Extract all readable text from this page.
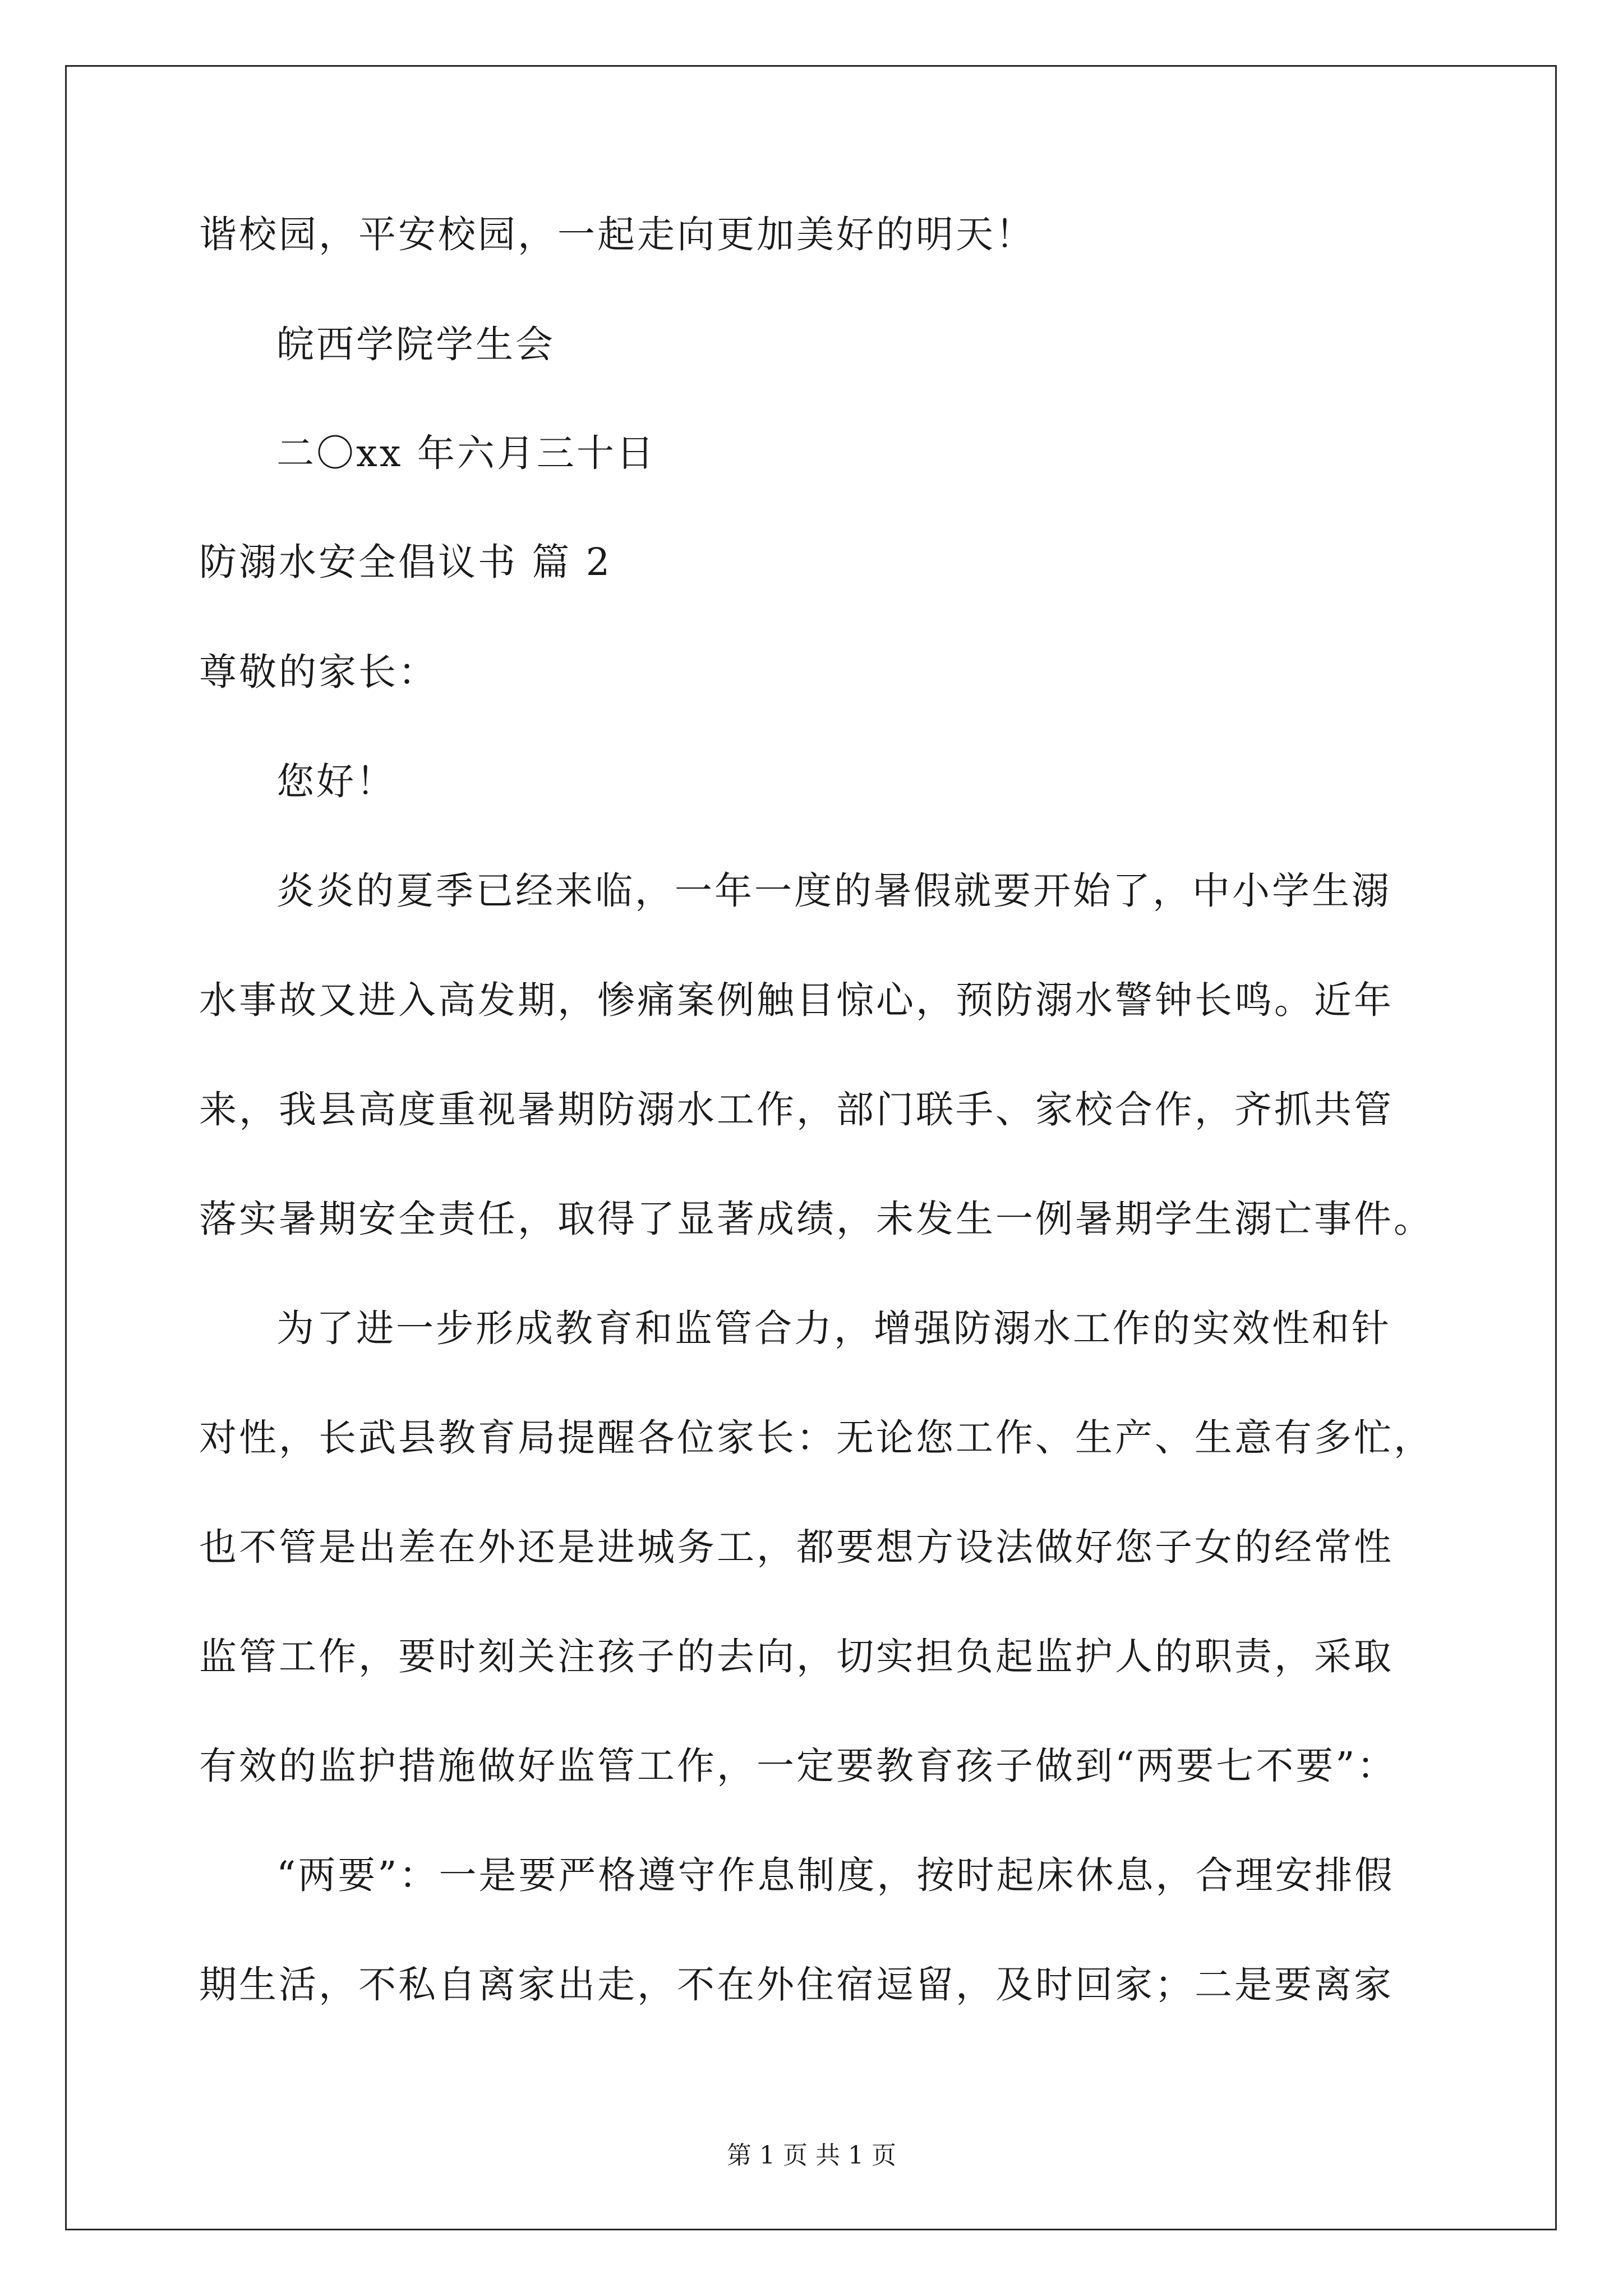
谐校园，平安校园，一起走向更加美好的明天！
皖西学院学生会
二〇xx 年六月三十日
防溺水安全倡议书 篇 2
尊敬的家长：
您好！
炎炎的夏季已经来临，一年一度的暑假就要开始了，中小学生溺
水事故又进入高发期，惨痛案例触目惊心，预防溺水警钟长鸣。近年
来，我县高度重视暑期防溺水工作，部门联手、家校合作，齐抓共管
落实暑期安全责任，取得了显著成绩，未发生一例暑期学生溺亡事件。
为了进一步形成教育和监管合力，增强防溺水工作的实效性和针
对性，长武县教育局提醒各位家长：无论您工作、生产、生意有多忙，
也不管是出差在外还是进城务工，都要想方设法做好您子女的经常性
监管工作，要时刻关注孩子的去向，切实担负起监护人的职责，采取
有效的监护措施做好监管工作，一定要教育孩子做到“两要七不要”：
“两要”：一是要严格遵守作息制度，按时起床休息，合理安排假
期生活，不私自离家出走，不在外住宿逗留，及时回家；二是要离家
第 1 页 共 1 页
